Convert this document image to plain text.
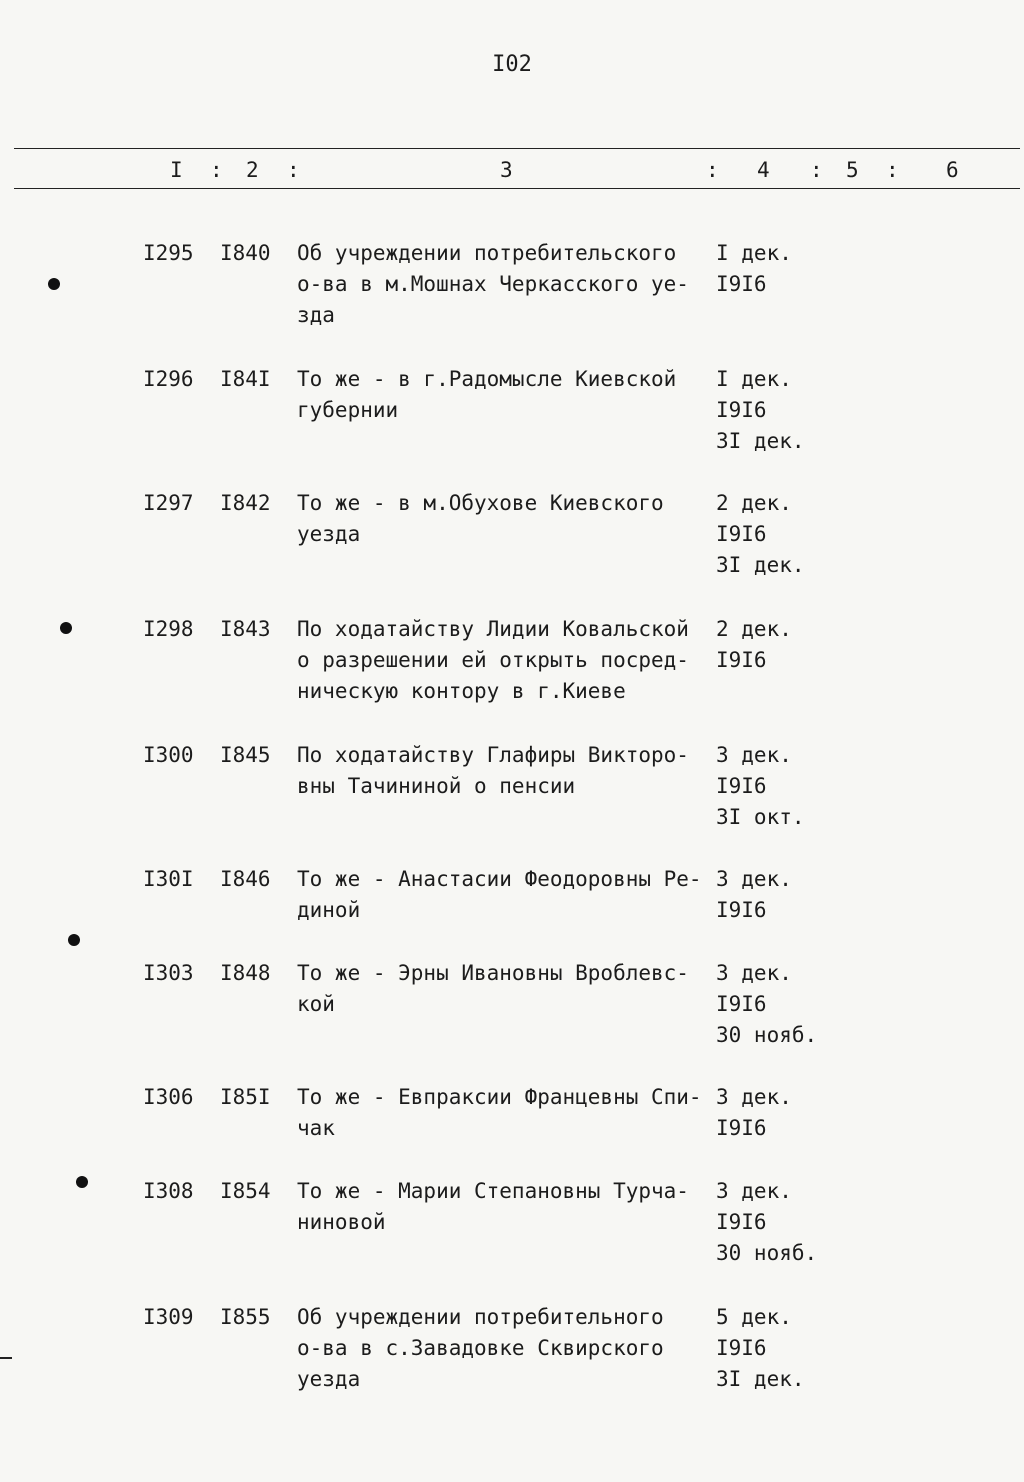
I02
I : 2 :	3	: 4 : 5 : 6
I295 I840 Об учреждении потребительского
о-ва в м.Мошнах Черкасского уе-
зда
I дек.
I9I6
I296 I84I То же - в г.Радомысле Киевской
губернии
I дек.
I9I6
3I дек.
I297 I842 То же - в м.Обухове Киевского
уезда
2 дек.
I9I6
3I дек.
I298 I843 По ходатайству Лидии Ковальской
о разрешении ей открыть посред-
ническую контору в г.Киеве
2 дек.
I9I6
I300 I845 По ходатайству Глафиры Викторо-
вны Тачининой о пенсии
3 дек.
I9I6
3I окт.
I30I I846 То же - Анастасии Феодоровны Ре-
диной
3 дек.
I9I6
I303 I848 То же - Эрны Ивановны Вроблевс-
кой
3 дек.
I9I6
30 нояб.
I306 I85I То же - Евпраксии Францевны Спи-
чак
3 дек.
I9I6
I308 I854 То же - Марии Степановны Турча-
ниновой
3 дек.
I9I6
30 нояб.
I309 I855 Об учреждении потребительного
о-ва в с.Завадовке Сквирского
уезда
5 дек.
I9I6
3I дек.
